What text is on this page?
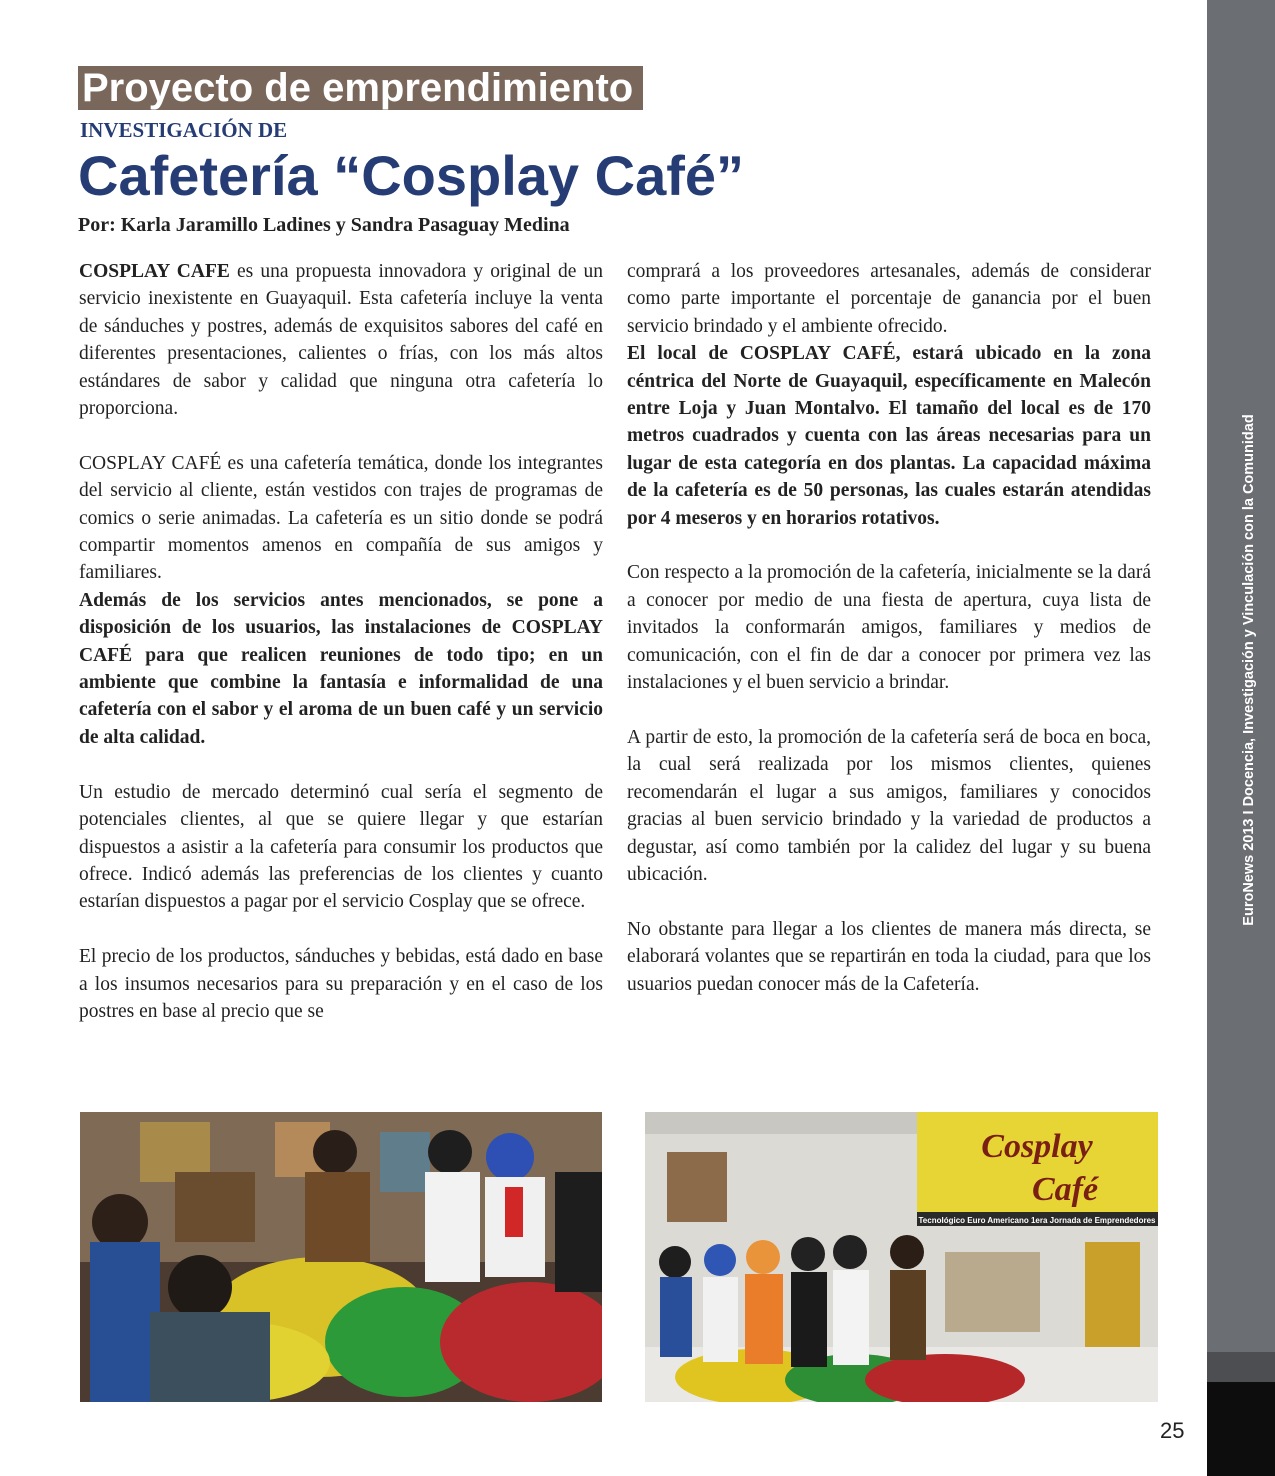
Proyecto de emprendimiento
INVESTIGACIÓN DE
Cafetería “Cosplay Café”
Por: Karla Jaramillo Ladines y Sandra Pasaguay Medina

COSPLAY CAFE es una propuesta innovadora y original de un servicio inexistente en Guayaquil. Esta cafetería incluye la venta de sánduches y postres, además de exquisitos sabores del café en diferentes presentaciones, calientes o frías, con los más altos estándares de sabor y calidad que ninguna otra cafetería lo proporciona.

COSPLAY CAFÉ es una cafetería temática, donde los integrantes del servicio al cliente, están vestidos con trajes de programas de comics o serie animadas. La cafetería es un sitio donde se podrá compartir momentos amenos en compañía de sus amigos y familiares.

Además de los servicios antes mencionados, se pone a disposición de los usuarios, las instalaciones de COSPLAY CAFÉ para que realicen reuniones de todo tipo; en un ambiente que combine la fantasía e informalidad de una cafetería con el sabor y el aroma de un buen café y un servicio de alta calidad.

Un estudio de mercado determinó cual sería el segmento de potenciales clientes, al que se quiere llegar y que estarían dispuestos a asistir a la cafetería para consumir los productos que ofrece. Indicó además las preferencias de los clientes y cuanto estarían dispuestos a pagar por el servicio Cosplay que se ofrece.

El precio de los productos, sánduches y bebidas, está dado en base a los insumos necesarios para su preparación y en el caso de los postres en base al precio que se

comprará a los proveedores artesanales, además de considerar como parte importante el porcentaje de ganancia por el buen servicio brindado y el ambiente ofrecido.

El local de COSPLAY CAFÉ, estará ubicado en la zona céntrica del Norte de Guayaquil, específicamente en Malecón entre Loja y Juan Montalvo. El tamaño del local es de 170 metros cuadrados y cuenta con las áreas necesarias para un lugar de esta categoría en dos plantas. La capacidad máxima de la cafetería es de 50 personas, las cuales estarán atendidas por 4 meseros y en horarios rotativos.

Con respecto a la promoción de la cafetería, inicialmente se la dará a conocer por medio de una fiesta de apertura, cuya lista de invitados la conformarán amigos, familiares y medios de comunicación, con el fin de dar a conocer por primera vez las instalaciones y el buen servicio a brindar.

A partir de esto, la promoción de la cafetería será de boca en boca, la cual será realizada por los mismos clientes, quienes recomendarán el lugar a sus amigos, familiares y conocidos gracias al buen servicio brindado y la variedad de productos a degustar, así como también por la calidez del lugar y su buena ubicación.

No obstante para llegar a los clientes de manera más directa, se elaborará volantes que se repartirán en toda la ciudad, para que los usuarios puedan conocer más de la Cafetería.

Cosplay
Café
Tecnológico Euro Americano 1era Jornada de Emprendedores
EuroNews 2013 I Docencia, Investigación y Vinculación con la Comunidad
25
